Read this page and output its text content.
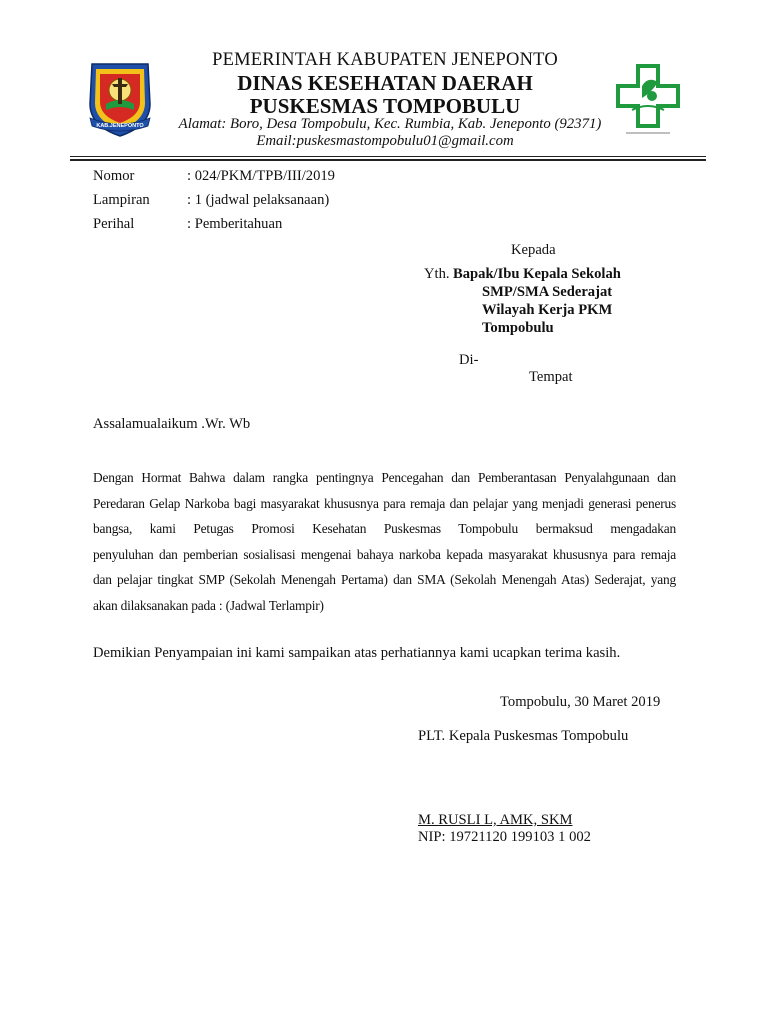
KAB.JENEPONTO
PEMERINTAH KABUPATEN JENEPONTO
DINAS KESEHATAN DAERAH
PUSKESMAS TOMPOBULU
Alamat: Boro, Desa Tompobulu, Kec. Rumbia, Kab. Jeneponto (92371)
Email:puskesmastompobulu01@gmail.com
Nomor	: 024/PKM/TPB/III/2019
Lampiran	: 1 (jadwal pelaksanaan)
Perihal	: Pemberitahuan
Kepada
Yth. Bapak/Ibu Kepala Sekolah
SMP/SMA Sederajat
Wilayah Kerja PKM
Tompobulu
Di-
Tempat
Assalamualaikum .Wr. Wb
Dengan Hormat Bahwa dalam rangka pentingnya Pencegahan dan Pemberantasan Penyalahgunaan dan
Peredaran Gelap Narkoba bagi masyarakat khususnya para remaja dan pelajar yang menjadi generasi penerus
bangsa, kami Petugas Promosi Kesehatan Puskesmas Tompobulu bermaksud mengadakan
penyuluhan dan pemberian sosialisasi mengenai bahaya narkoba kepada masyarakat khususnya para remaja
dan pelajar tingkat SMP (Sekolah Menengah Pertama) dan SMA (Sekolah Menengah Atas) Sederajat, yang
akan dilaksanakan pada : (Jadwal Terlampir)
Demikian Penyampaian ini kami sampaikan atas perhatiannya kami ucapkan terima kasih.
Tompobulu, 30 Maret 2019
PLT. Kepala Puskesmas Tompobulu
M. RUSLI L, AMK, SKM
NIP: 19721120 199103 1 002
